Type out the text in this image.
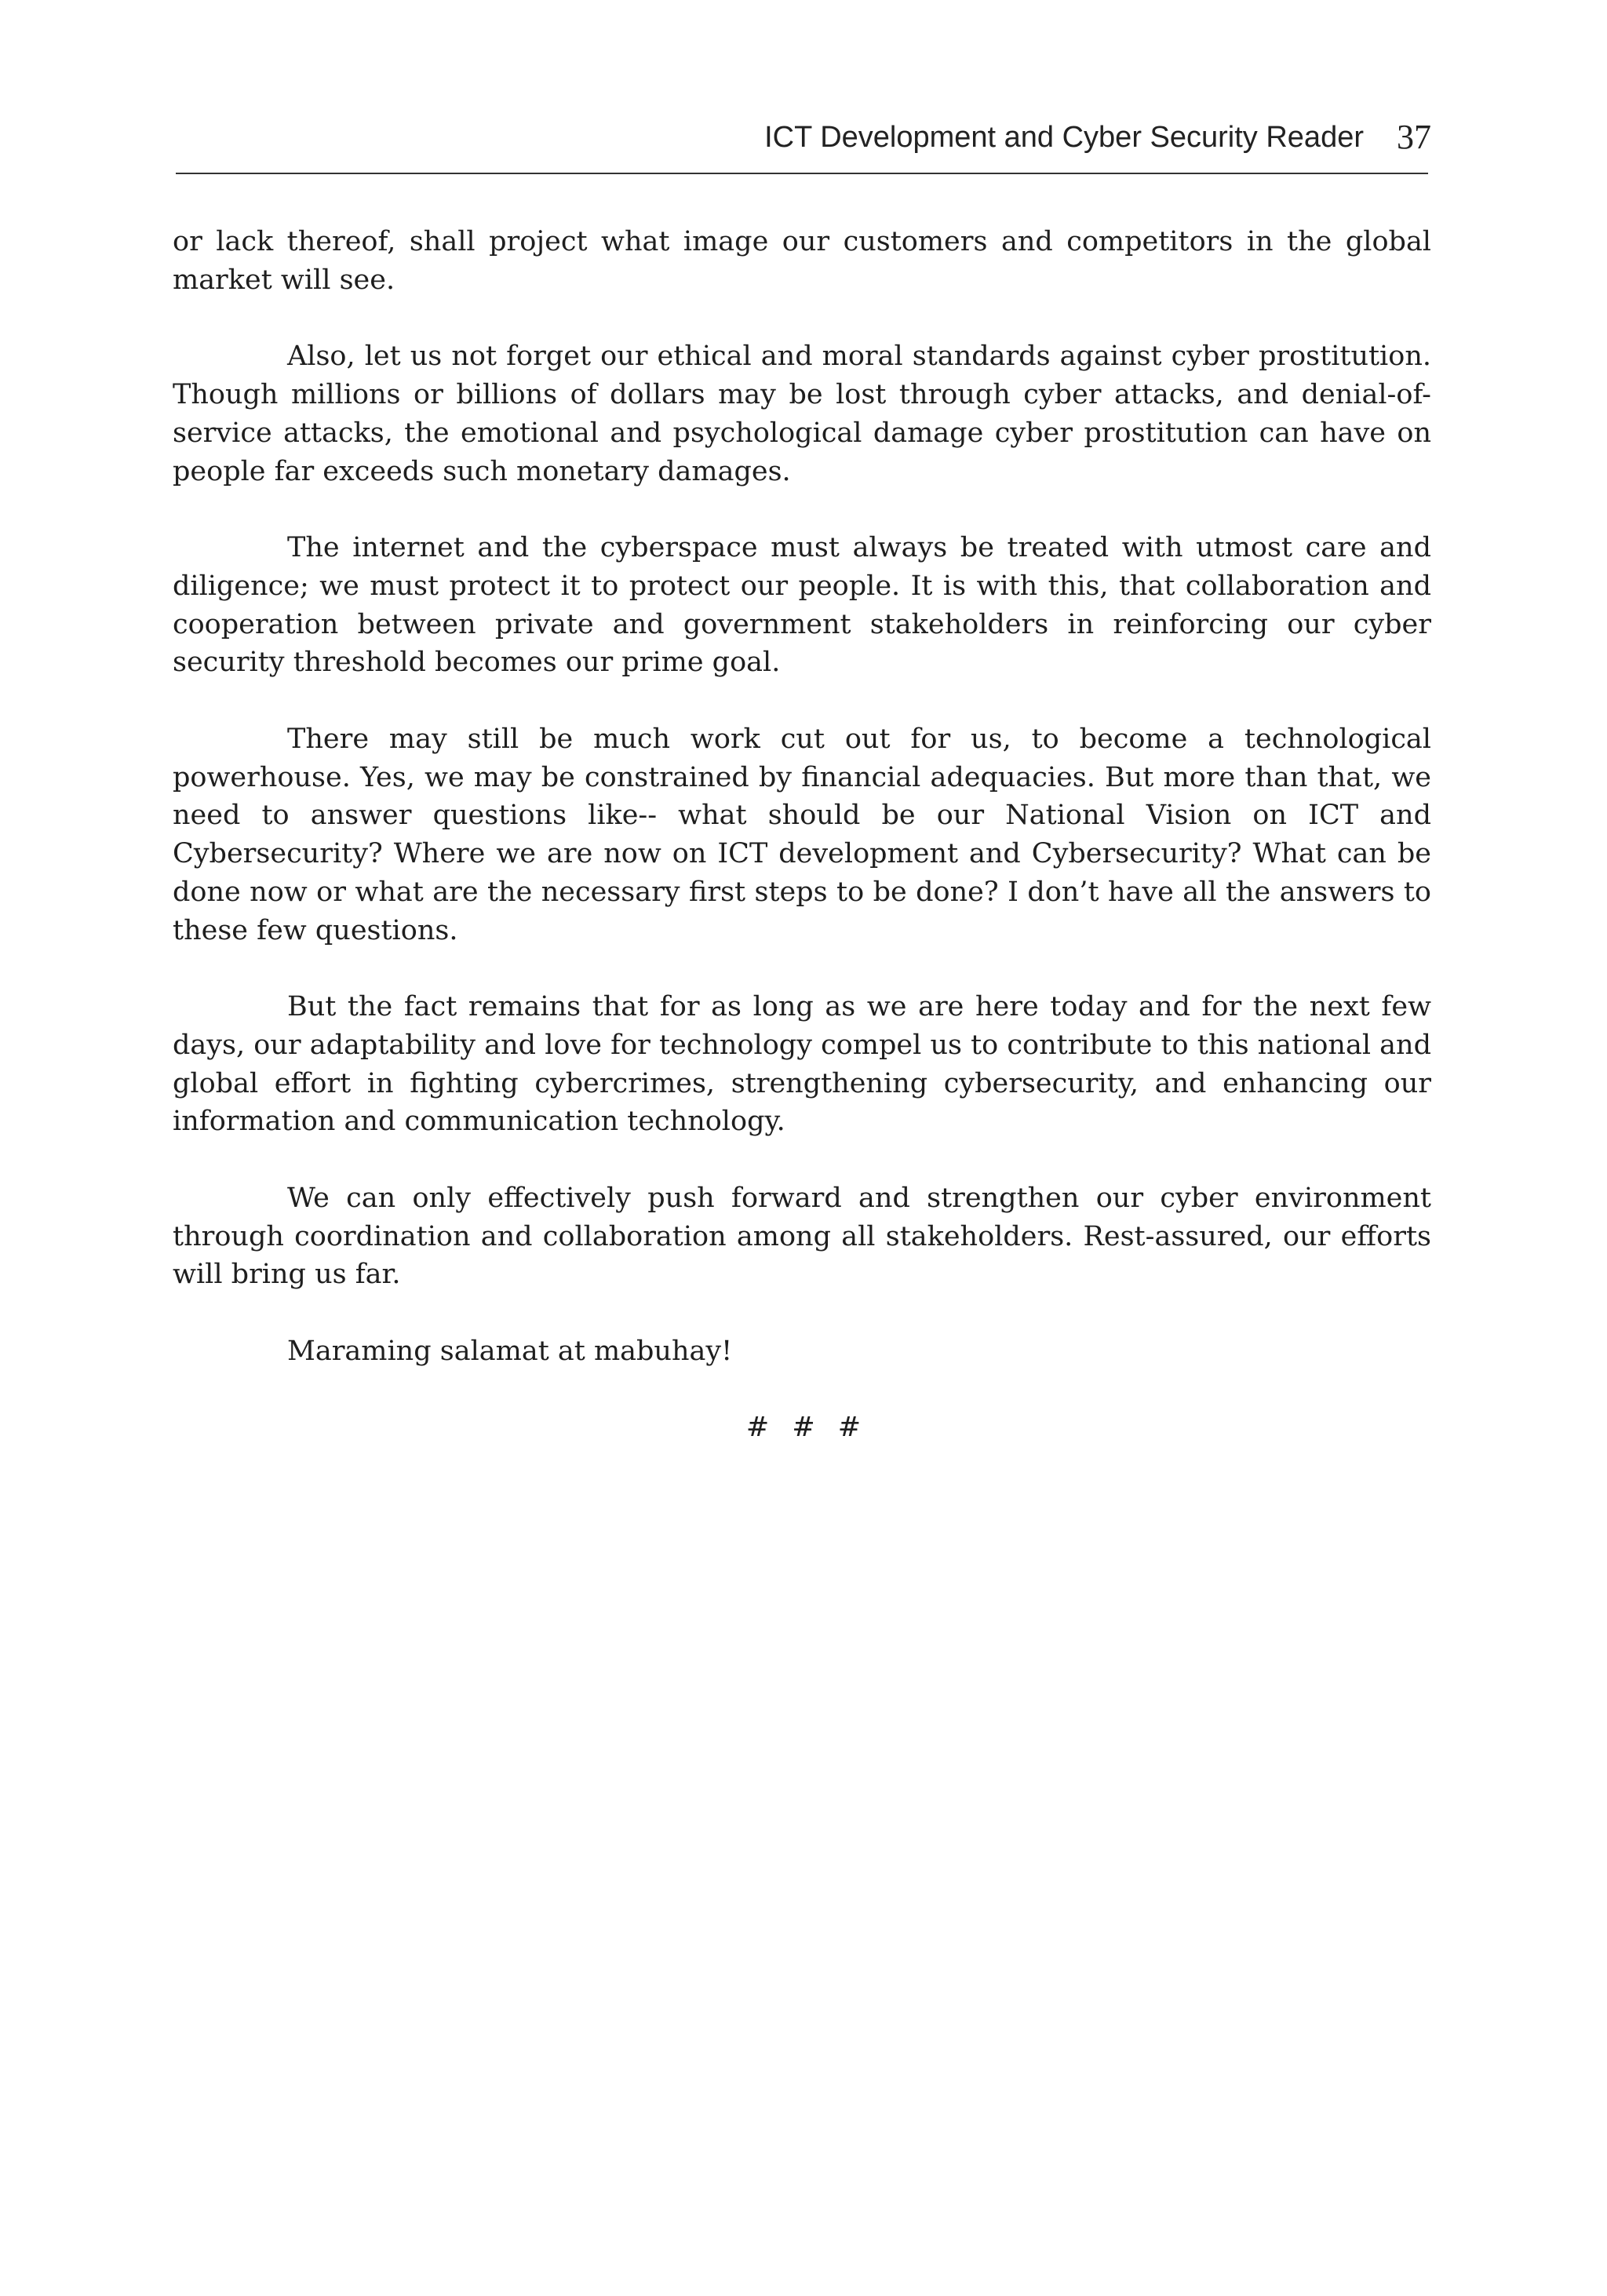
ICT Development and Cyber Security Reader 37

or lack thereof, shall project what image our customers and competitors in the global market will see.

Also, let us not forget our ethical and moral standards against cyber prostitution. Though millions or billions of dollars may be lost through cyber attacks, and denial-of-service attacks, the emotional and psychological damage cyber prostitution can have on people far exceeds such monetary damages.

The internet and the cyberspace must always be treated with utmost care and diligence; we must protect it to protect our people. It is with this, that collaboration and cooperation between private and government stakeholders in reinforcing our cyber security threshold becomes our prime goal.

There may still be much work cut out for us, to become a technological powerhouse. Yes, we may be constrained by financial adequacies. But more than that, we need to answer questions like-- what should be our National Vision on ICT and Cybersecurity? Where we are now on ICT development and Cybersecurity? What can be done now or what are the necessary first steps to be done? I don’t have all the answers to these few questions.

But the fact remains that for as long as we are here today and for the next few days, our adaptability and love for technology compel us to contribute to this national and global effort in fighting cybercrimes, strengthening cybersecurity, and enhancing our information and communication technology.

We can only effectively push forward and strengthen our cyber environment through coordination and collaboration among all stakeholders. Rest-assured, our efforts will bring us far.

Maraming salamat at mabuhay!

# # #
